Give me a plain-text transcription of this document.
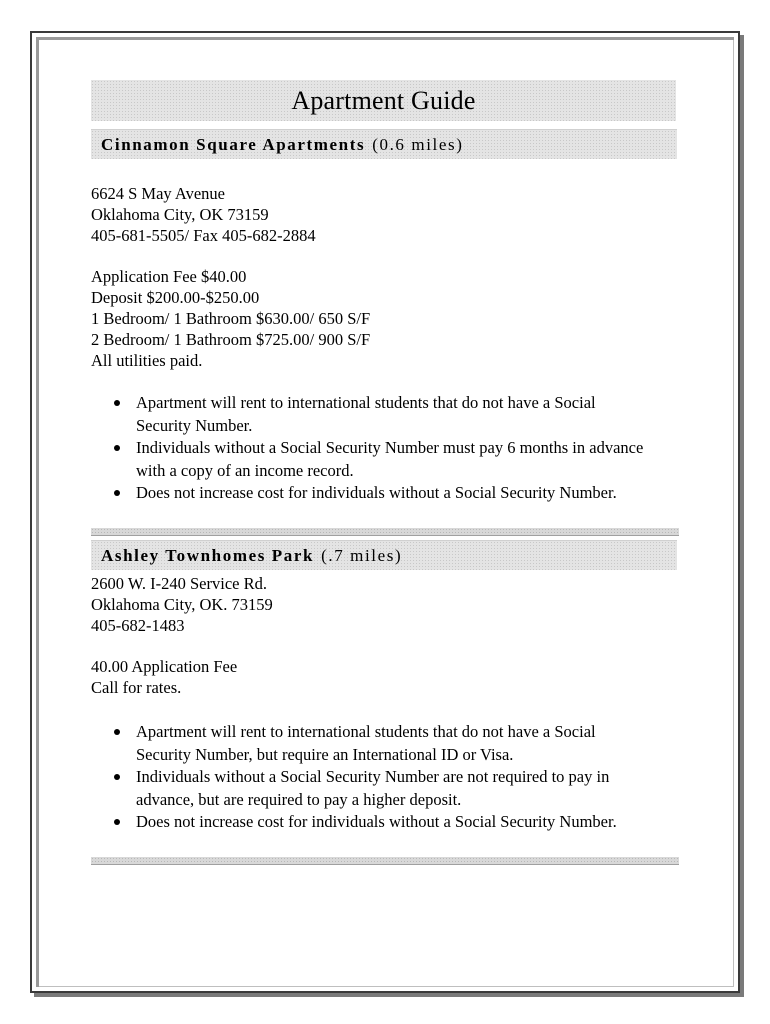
Apartment Guide
Cinnamon Square Apartments (0.6 miles)
6624 S May Avenue
Oklahoma City, OK 73159
405-681-5505/ Fax 405-682-2884
Application Fee $40.00
Deposit $200.00-$250.00
1 Bedroom/ 1 Bathroom $630.00/ 650 S/F
2 Bedroom/ 1 Bathroom $725.00/ 900 S/F
All utilities paid.
Apartment will rent to international students that do not have a Social
Security Number.
Individuals without a Social Security Number must pay 6 months in advance
with a copy of an income record.
Does not increase cost for individuals without a Social Security Number.
Ashley Townhomes Park (.7 miles)
2600 W. I-240 Service Rd.
Oklahoma City, OK. 73159
405-682-1483
40.00 Application Fee
Call for rates.
Apartment will rent to international students that do not have a Social
Security Number, but require an International ID or Visa.
Individuals without a Social Security Number are not required to pay in
advance, but are required to pay a higher deposit.
Does not increase cost for individuals without a Social Security Number.
